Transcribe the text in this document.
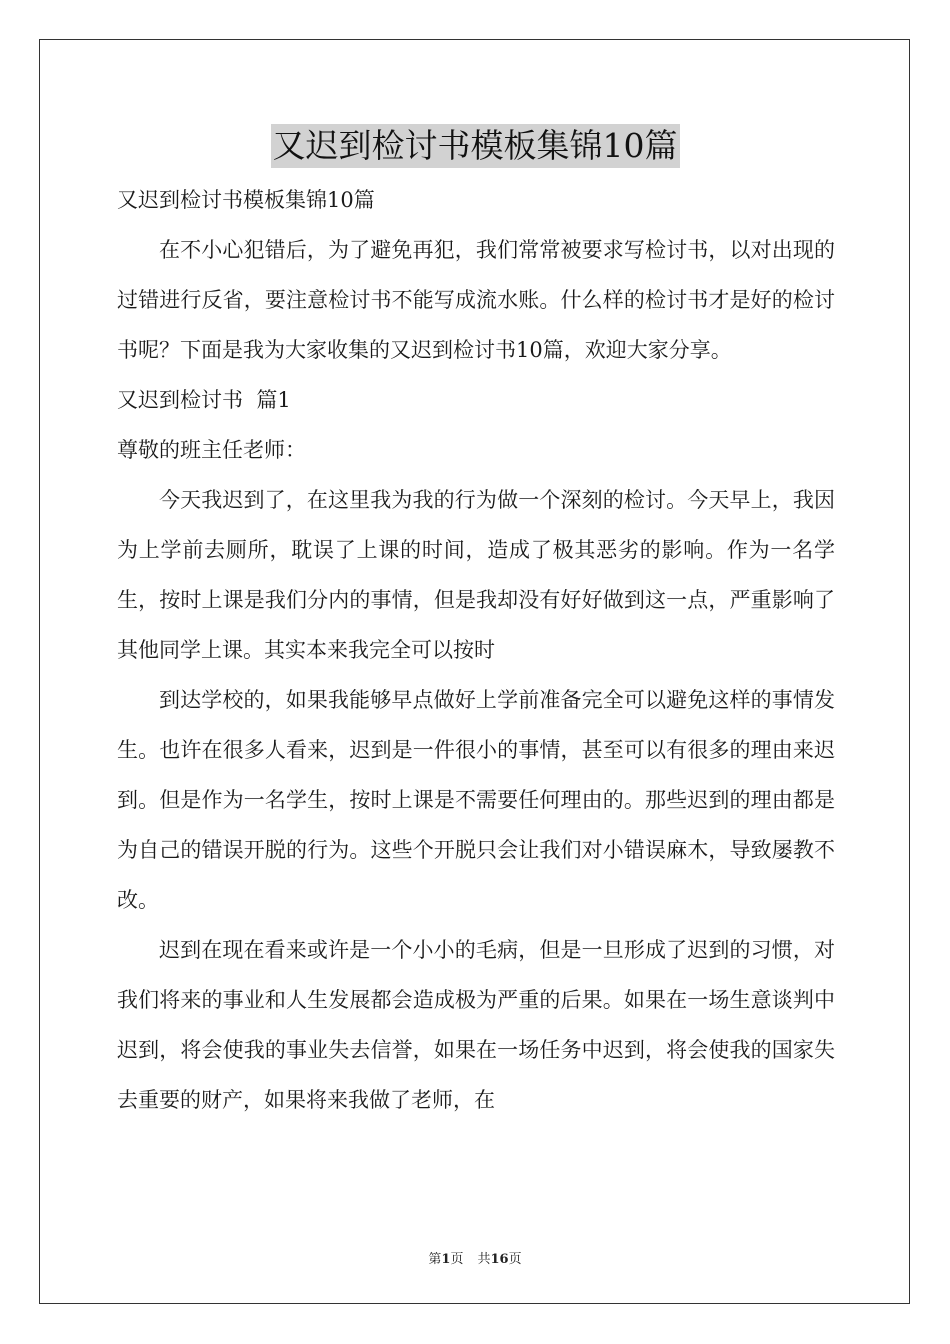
又迟到检讨书模板集锦10篇

又迟到检讨书模板集锦10篇

在不小心犯错后，为了避免再犯，我们常常被要求写检讨书，以对出现的过错进行反省，要注意检讨书不能写成流水账。什么样的检讨书才是好的检讨书呢？下面是我为大家收集的又迟到检讨书10篇，欢迎大家分享。

又迟到检讨书  篇1

尊敬的班主任老师：

今天我迟到了，在这里我为我的行为做一个深刻的检讨。今天早上，我因为上学前去厕所，耽误了上课的时间，造成了极其恶劣的影响。作为一名学生，按时上课是我们分内的事情，但是我却没有好好做到这一点，严重影响了其他同学上课。其实本来我完全可以按时

到达学校的，如果我能够早点做好上学前准备完全可以避免这样的事情发生。也许在很多人看来，迟到是一件很小的事情，甚至可以有很多的理由来迟到。但是作为一名学生，按时上课是不需要任何理由的。那些迟到的理由都是为自己的错误开脱的行为。这些个开脱只会让我们对小错误麻木，导致屡教不改。

迟到在现在看来或许是一个小小的毛病，但是一旦形成了迟到的习惯，对我们将来的事业和人生发展都会造成极为严重的后果。如果在一场生意谈判中迟到，将会使我的事业失去信誉，如果在一场任务中迟到，将会使我的国家失去重要的财产，如果将来我做了老师，在

第1页 共16页
